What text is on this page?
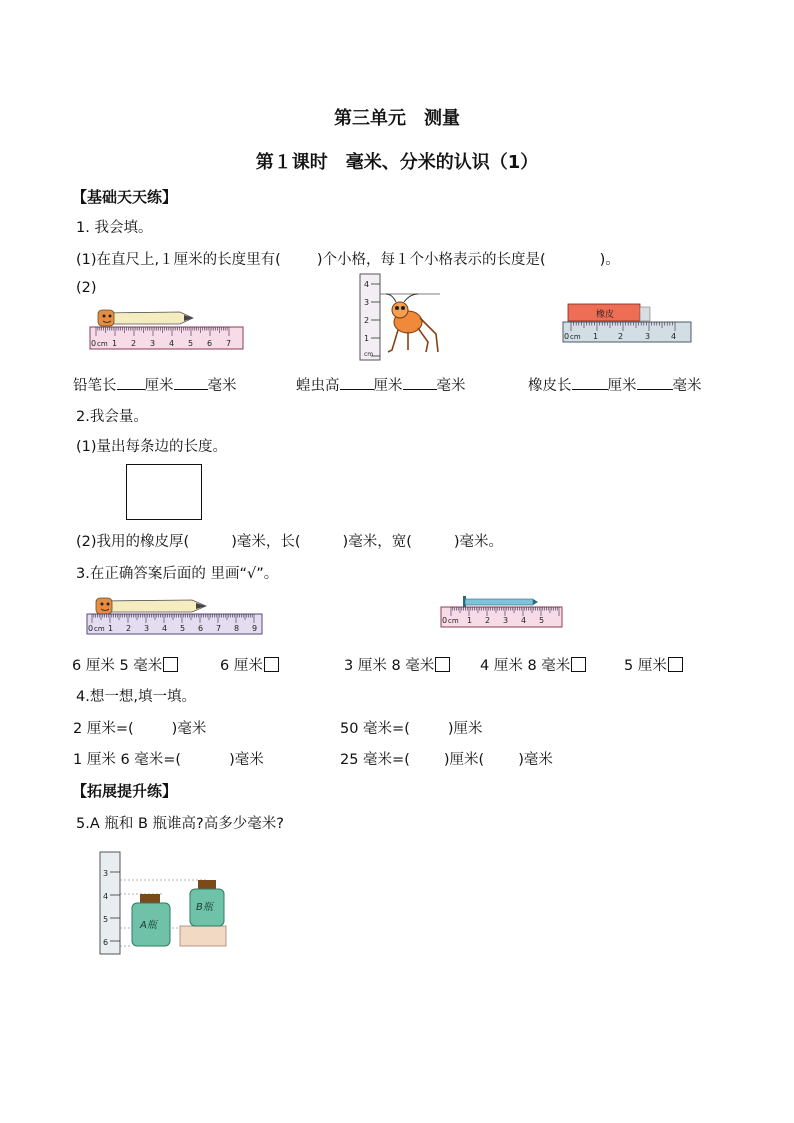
第三单元　测量
第１课时　毫米、分米的认识（1）
【基础天天练】
1. 我会填。
(1)在直尺上,１厘米的长度里有( )个小格，每１个小格表示的长度是(	)。
(2)
0 cm 1 2 3 4 5 6 7
4
3
2
1
cm
橡皮
0 cm 1 2	3	4
铅笔长 厘米 毫米	蝗虫高 厘米 毫米	橡皮长 厘米 毫米
2.我会量。
(1)量出每条边的长度。
(2)我用的橡皮厚(	)毫米，长(	)毫米，宽(	)毫米。
3.在正确答案后面的 里画“√”。
0 cm 1 2 3 4 5 6 7 8 9
0 cm 1 2 3 4 5
6 厘米 5 毫米	6 厘米	3 厘米 8 毫米	4 厘米 8 毫米	5 厘米
4.想一想,填一填。
2 厘米=(	)毫米	50 毫米=(	)厘米
1 厘米 6 毫米=(	)毫米	25 毫米=( )厘米( )毫米
【拓展提升练】
5.A 瓶和 B 瓶谁高?高多少毫米?
3
4
5
6
A瓶
B瓶
